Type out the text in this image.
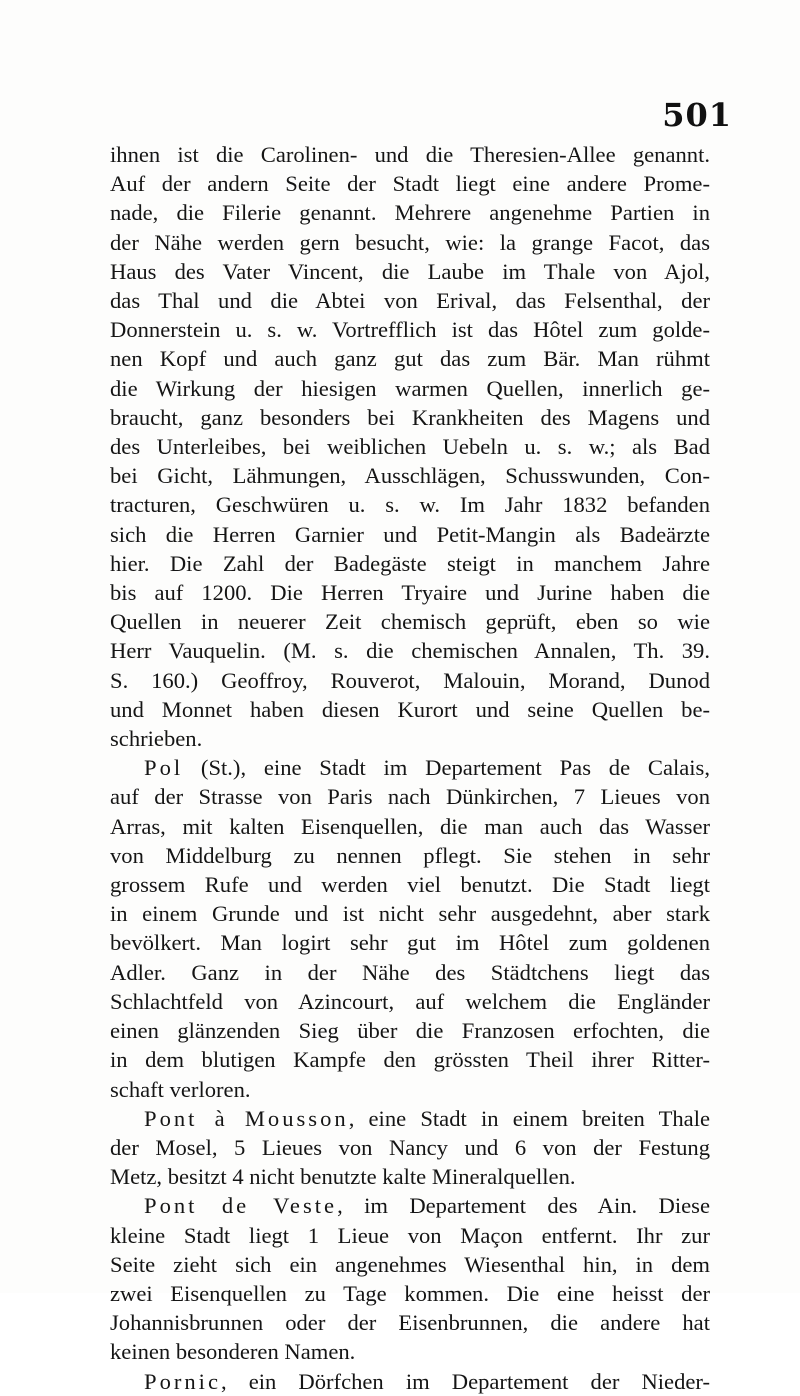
501
ihnen ist die Carolinen- und die Theresien-Allee genannt.
Auf der andern Seite der Stadt liegt eine andere Prome-
nade, die Filerie genannt. Mehrere angenehme Partien in
der Nähe werden gern besucht, wie: la grange Facot, das
Haus des Vater Vincent, die Laube im Thale von Ajol,
das Thal und die Abtei von Erival, das Felsenthal, der
Donnerstein u. s. w. Vortrefflich ist das Hôtel zum golde-
nen Kopf und auch ganz gut das zum Bär. Man rühmt
die Wirkung der hiesigen warmen Quellen, innerlich ge-
braucht, ganz besonders bei Krankheiten des Magens und
des Unterleibes, bei weiblichen Uebeln u. s. w.; als Bad
bei Gicht, Lähmungen, Ausschlägen, Schusswunden, Con-
tracturen, Geschwüren u. s. w. Im Jahr 1832 befanden
sich die Herren Garnier und Petit-Mangin als Badeärzte
hier. Die Zahl der Badegäste steigt in manchem Jahre
bis auf 1200. Die Herren Tryaire und Jurine haben die
Quellen in neuerer Zeit chemisch geprüft, eben so wie
Herr Vauquelin. (M. s. die chemischen Annalen, Th. 39.
S. 160.) Geoffroy, Rouverot, Malouin, Morand, Dunod
und Monnet haben diesen Kurort und seine Quellen be-
schrieben.
Pol (St.), eine Stadt im Departement Pas de Calais,
auf der Strasse von Paris nach Dünkirchen, 7 Lieues von
Arras, mit kalten Eisenquellen, die man auch das Wasser
von Middelburg zu nennen pflegt. Sie stehen in sehr
grossem Rufe und werden viel benutzt. Die Stadt liegt
in einem Grunde und ist nicht sehr ausgedehnt, aber stark
bevölkert. Man logirt sehr gut im Hôtel zum goldenen
Adler. Ganz in der Nähe des Städtchens liegt das
Schlachtfeld von Azincourt, auf welchem die Engländer
einen glänzenden Sieg über die Franzosen erfochten, die
in dem blutigen Kampfe den grössten Theil ihrer Ritter-
schaft verloren.
Pont à Mousson, eine Stadt in einem breiten Thale
der Mosel, 5 Lieues von Nancy und 6 von der Festung
Metz, besitzt 4 nicht benutzte kalte Mineralquellen.
Pont de Veste, im Departement des Ain. Diese
kleine Stadt liegt 1 Lieue von Maçon entfernt. Ihr zur
Seite zieht sich ein angenehmes Wiesenthal hin, in dem
zwei Eisenquellen zu Tage kommen. Die eine heisst der
Johannisbrunnen oder der Eisenbrunnen, die andere hat
keinen besonderen Namen.
Pornic, ein Dörfchen im Departement der Nieder-
